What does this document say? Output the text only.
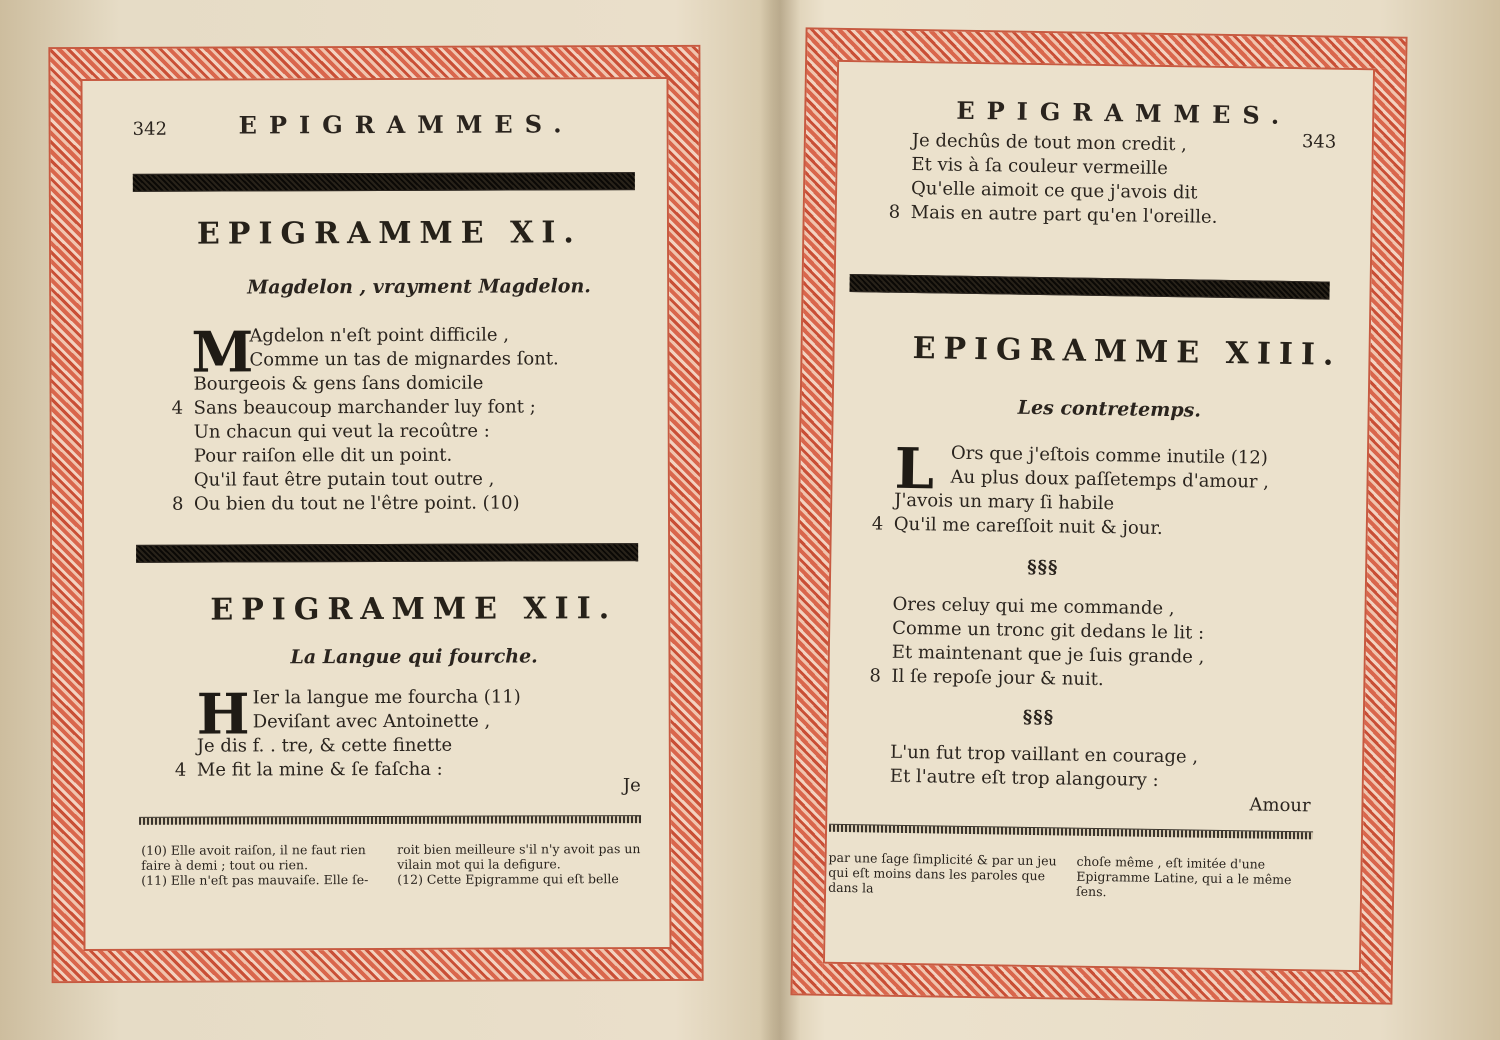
342	EPIGRAMMES.
EPIGRAMME XI.
Magdelon , vrayment Magdelon.
M
Agdelon n'eſt point difficile ,
Comme un tas de mignardes ſont.
Bourgeois & gens ſans domicile
4 Sans beaucoup marchander luy font ;
Un chacun qui veut la recoûtre :
Pour raiſon elle dit un point.
Qu'il faut être putain tout outre ,
8 Ou bien du tout ne l'être point. (10)
EPIGRAMME XII.
La Langue qui fourche.
H Ier la langue me fourcha (11)
Deviſant avec Antoinette ,
Je dis f. . tre, & cette finette
4 Me fit la mine & ſe faſcha :
Je
(10) Elle avoit raiſon, il ne faut rien faire à demi ; tout ou rien.
(11) Elle n'eſt pas mauvaiſe. Elle ſe-
roit bien meilleure s'il n'y avoit pas un vilain mot qui la defigure.
(12) Cette Epigramme qui eſt belle
EPIGRAMMES.
343
Je dechûs de tout mon credit ,
Et vis à ſa couleur vermeille
Qu'elle aimoit ce que j'avois dit
8 Mais en autre part qu'en l'oreille.
EPIGRAMME XIII.
Les contretemps.
L Ors que j'eſtois comme inutile (12)
Au plus doux paſſetemps d'amour ,
J'avois un mary ſi habile
4 Qu'il me careſſoit nuit & jour.
§§§
Ores celuy qui me commande ,
Comme un tronc git dedans le lit :
Et maintenant que je ſuis grande ,
8 Il ſe repoſe jour & nuit.
§§§
L'un fut trop vaillant en courage ,
Et l'autre eſt trop alangoury :
Amour
par une ſage ſimplicité & par un jeu qui eſt moins dans les paroles que dans la
choſe même , eſt imitée d'une Epigramme Latine, qui a le même ſens.
